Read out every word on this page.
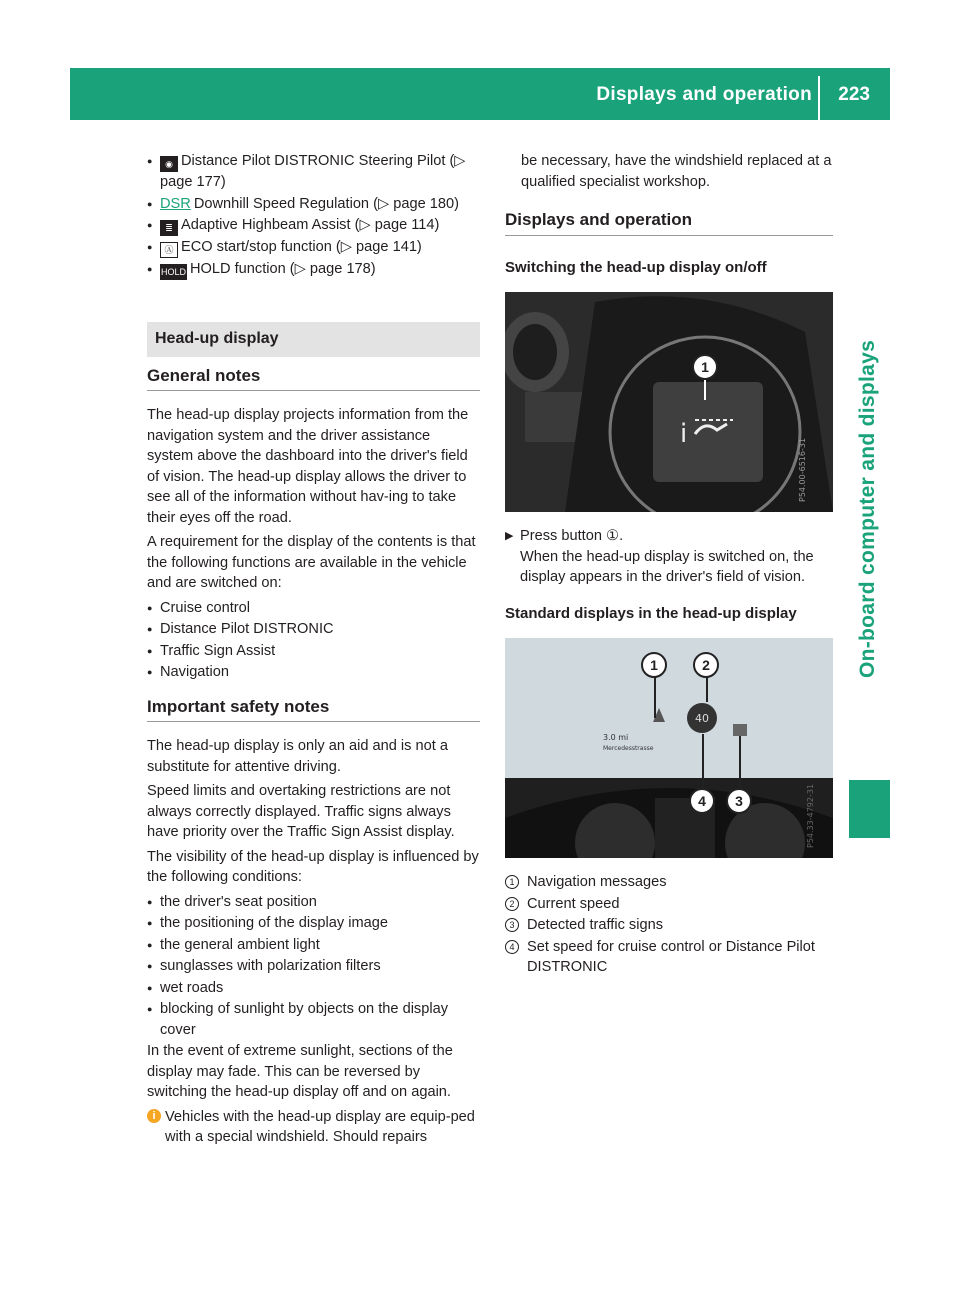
Displays and operation 223
On-board computer and displays
● ◉ Distance Pilot DISTRONIC Steering Pilot (▷ page 177)
● DSR Downhill Speed Regulation (▷ page 180)
● ≣ Adaptive Highbeam Assist (▷ page 114)
● Ⓐ ECO start/stop function (▷ page 141)
● HOLD HOLD function (▷ page 178)
Head-up display
General notes

The head-up display projects information from the navigation system and the driver assistance system above the dashboard into the driver's field of vision. The head-up display allows the driver to see all of the information without hav-ing to take their eyes off the road.

A requirement for the display of the contents is that the following functions are available in the vehicle and are switched on:

● Cruise control
● Distance Pilot DISTRONIC
● Traffic Sign Assist
● Navigation
Important safety notes

The head-up display is only an aid and is not a substitute for attentive driving.

Speed limits and overtaking restrictions are not always correctly displayed. Traffic signs always have priority over the Traffic Sign Assist display.

The visibility of the head-up display is influenced by the following conditions:

● the driver's seat position
● the positioning of the display image
● the general ambient light
● sunglasses with polarization filters
● wet roads
● blocking of sunlight by objects on the display cover

In the event of extreme sunlight, sections of the display may fade. This can be reversed by switching the head-up display off and on again.

i Vehicles with the head-up display are equip-ped with a special windshield. Should repairs

be necessary, have the windshield replaced at a qualified specialist workshop.

Displays and operation
Switching the head-up display on/off
i
P54.00-6516-31
1
▶ Press button ①.

When the head-up display is switched on, the display appears in the driver's field of vision.

Standard displays in the head-up display
3.0 mi
Mercedesstrasse
40
P54.33-4792-31
1	2
4	3
1 Navigation messages
2 Current speed
3 Detected traffic signs
4 Set speed for cruise control or Distance Pilot DISTRONIC
